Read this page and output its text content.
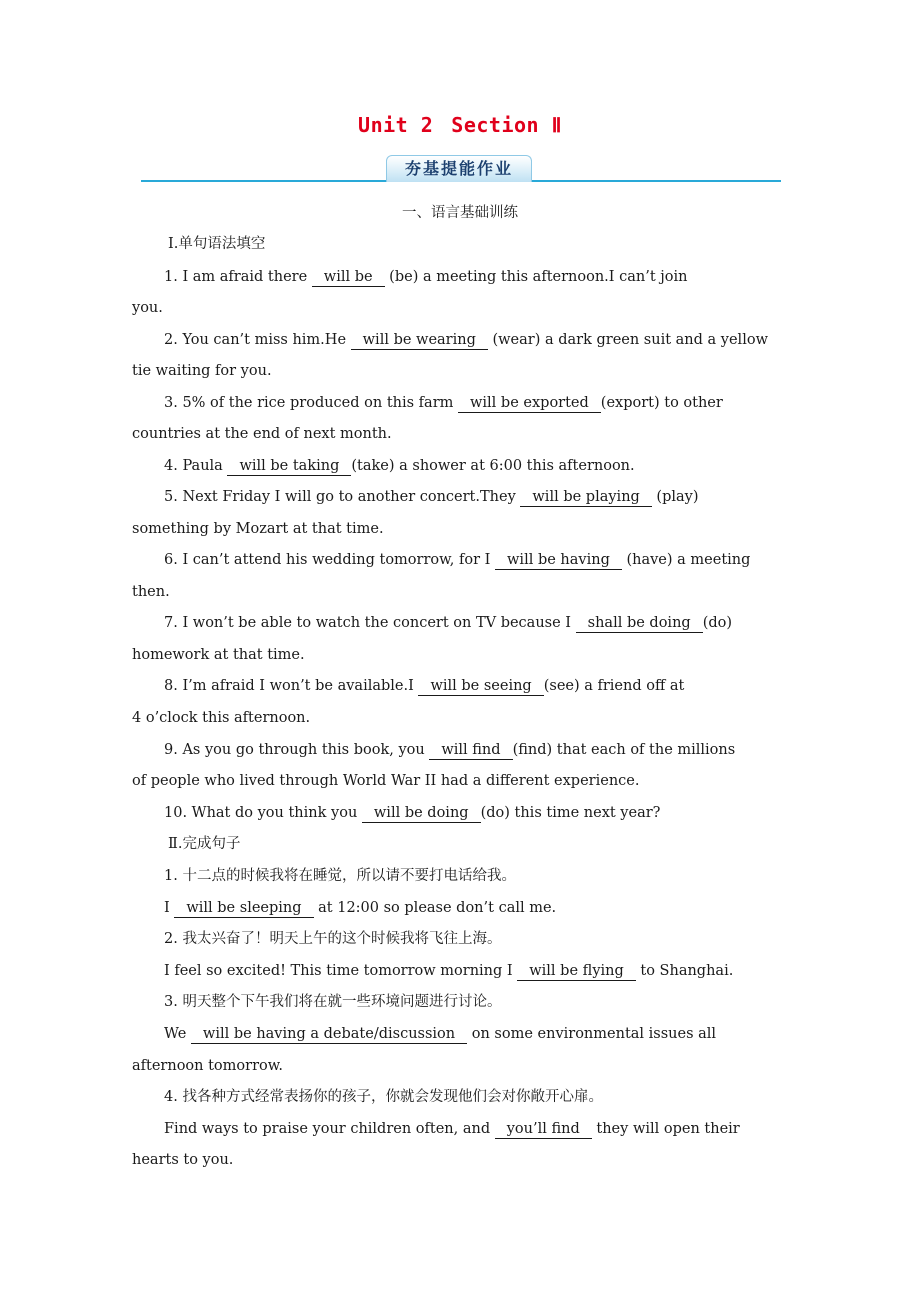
Unit 2 Section Ⅱ
夯基提能作业
一、语言基础训练
Ⅰ.单句语法填空
1. I am afraid there will be (be) a meeting this afternoon.I can’t join
you.
2. You can’t miss him.He will be wearing (wear) a dark green suit and a yellow
tie waiting for you.
3. 5% of the rice produced on this farm will be exported (export) to other
countries at the end of next month.
4. Paula will be taking (take) a shower at 6:00 this afternoon.
5. Next Friday I will go to another concert.They will be playing (play)
something by Mozart at that time.
6. I can’t attend his wedding tomorrow, for I will be having (have) a meeting
then.
7. I won’t be able to watch the concert on TV because I shall be doing (do)
homework at that time.
8. I’m afraid I won’t be available.I will be seeing (see) a friend off at
4 o’clock this afternoon.
9. As you go through this book, you will find (find) that each of the millions
of people who lived through World War II had a different experience.
10. What do you think you will be doing (do) this time next year?
Ⅱ.完成句子
1. 十二点的时候我将在睡觉，所以请不要打电话给我。
I will be sleeping at 12:00 so please don’t call me.
2. 我太兴奋了！明天上午的这个时候我将飞往上海。
I feel so excited! This time tomorrow morning I will be flying to Shanghai.
3. 明天整个下午我们将在就一些环境问题进行讨论。
We will be having a debate/discussion on some environmental issues all
afternoon tomorrow.
4. 找各种方式经常表扬你的孩子，你就会发现他们会对你敞开心扉。
Find ways to praise your children often, and you’ll find they will open their
hearts to you.
